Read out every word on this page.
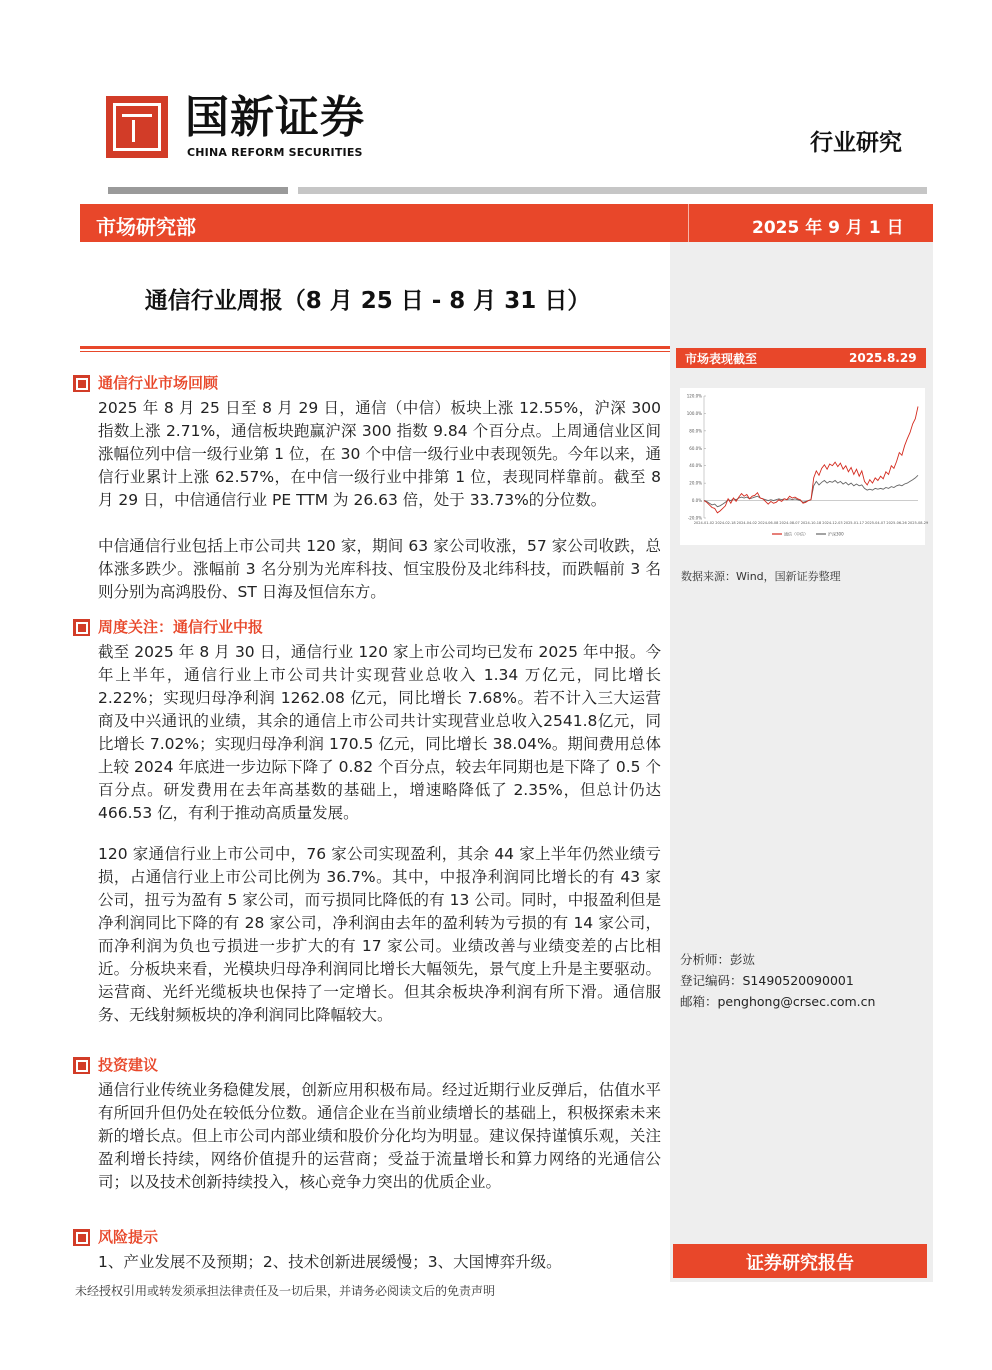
国新证券
CHINA REFORM SECURITIES	行业研究
市场研究部	2025 年 9 月 1 日
通信行业周报（8 月 25 日 - 8 月 31 日）
市场表现截至	2025.8.29
120.0%
100.0%
80.0%
60.0%
40.0%
20.0%
0.0%
-20.0%
2024-01-02 2024-02-18 2024-04-02 2024-06-08 2024-08-07 2024-10-18 2024-12-03 2025-01-17 2025-04-07 2025-06-26 2025-08-29
通信（中信）	沪深300
数据来源：Wind，国新证券整理
分析师：彭竑
登记编码：S1490520090001
邮箱：penghong@crsec.com.cn
证券研究报告
通信行业市场回顾

2025 年 8 月 25 日至 8 月 29 日，通信（中信）板块上涨 12.55%，沪深 300 指数上涨 2.71%，通信板块跑赢沪深 300 指数 9.84 个百分点。上周通信业区间涨幅位列中信一级行业第 1 位，在 30 个中信一级行业中表现领先。今年以来，通信行业累计上涨 62.57%，在中信一级行业中排第 1 位，表现同样靠前。截至 8 月 29 日，中信通信行业 PE TTM 为 26.63 倍，处于 33.73%的分位数。

中信通信行业包括上市公司共 120 家，期间 63 家公司收涨，57 家公司收跌，总体涨多跌少。涨幅前 3 名分别为光库科技、恒宝股份及北纬科技，而跌幅前 3 名则分别为高鸿股份、ST 日海及恒信东方。

周度关注：通信行业中报

截至 2025 年 8 月 30 日，通信行业 120 家上市公司均已发布 2025 年中报。今年上半年，通信行业上市公司共计实现营业总收入 1.34 万亿元，同比增长 2.22%；实现归母净利润 1262.08 亿元，同比增长 7.68%。若不计入三大运营商及中兴通讯的业绩，其余的通信上市公司共计实现营业总收入2541.8亿元，同比增长 7.02%；实现归母净利润 170.5 亿元，同比增长 38.04%。期间费用总体上较 2024 年底进一步边际下降了 0.82 个百分点，较去年同期也是下降了 0.5 个百分点。研发费用在去年高基数的基础上，增速略降低了 2.35%，但总计仍达 466.53 亿，有利于推动高质量发展。

120 家通信行业上市公司中，76 家公司实现盈利，其余 44 家上半年仍然业绩亏损，占通信行业上市公司比例为 36.7%。其中，中报净利润同比增长的有 43 家公司，扭亏为盈有 5 家公司，而亏损同比降低的有 13 公司。同时，中报盈利但是净利润同比下降的有 28 家公司，净利润由去年的盈利转为亏损的有 14 家公司，而净利润为负也亏损进一步扩大的有 17 家公司。业绩改善与业绩变差的占比相近。分板块来看，光模块归母净利润同比增长大幅领先，景气度上升是主要驱动。运营商、光纤光缆板块也保持了一定增长。但其余板块净利润有所下滑。通信服务、无线射频板块的净利润同比降幅较大。

投资建议

通信行业传统业务稳健发展，创新应用积极布局。经过近期行业反弹后，估值水平有所回升但仍处在较低分位数。通信企业在当前业绩增长的基础上，积极探索未来新的增长点。但上市公司内部业绩和股价分化均为明显。建议保持谨慎乐观，关注盈利增长持续，网络价值提升的运营商；受益于流量增长和算力网络的光通信公司；以及技术创新持续投入，核心竞争力突出的优质企业。

风险提示

1、产业发展不及预期；2、技术创新进展缓慢；3、大国博弈升级。

未经授权引用或转发须承担法律责任及一切后果，并请务必阅读文后的免责声明
